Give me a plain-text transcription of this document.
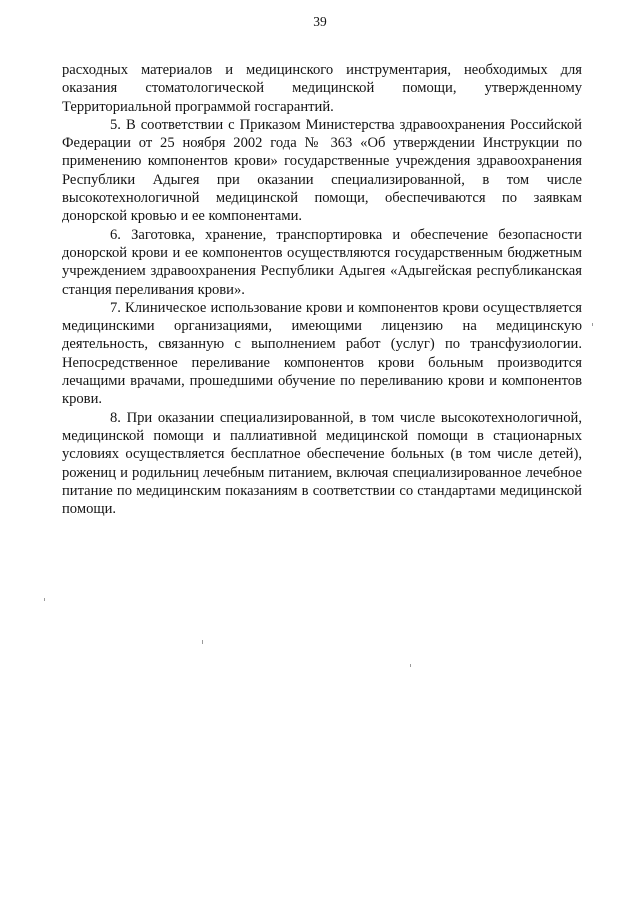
39

расходных материалов и медицинского инструментария, необходимых для оказания стоматологической медицинской помощи, утвержденному Территориальной программой госгарантий.

5. В соответствии с Приказом Министерства здравоохранения Российской Федерации от 25 ноября 2002 года № 363 «Об утверждении Инструкции по применению компонентов крови» государственные учреждения здравоохранения Республики Адыгея при оказании специализированной, в том числе высокотехнологичной медицинской помощи, обеспечиваются по заявкам донорской кровью и ее компонентами.

6. Заготовка, хранение, транспортировка и обеспечение безопасности донорской крови и ее компонентов осуществляются государственным бюджетным учреждением здравоохранения Республики Адыгея «Адыгейская республиканская станция переливания крови».

7. Клиническое использование крови и компонентов крови осуществляется медицинскими организациями, имеющими лицензию на медицинскую деятельность, связанную с выполнением работ (услуг) по трансфузиологии. Непосредственное переливание компонентов крови больным производится лечащими врачами, прошедшими обучение по переливанию крови и компонентов крови.

8. При оказании специализированной, в том числе высокотехнологичной, медицинской помощи и паллиативной медицинской помощи в стационарных условиях осуществляется бесплатное обеспечение больных (в том числе детей), рожениц и родильниц лечебным питанием, включая специализированное лечебное питание по медицинским показаниям в соответствии со стандартами медицинской помощи.
